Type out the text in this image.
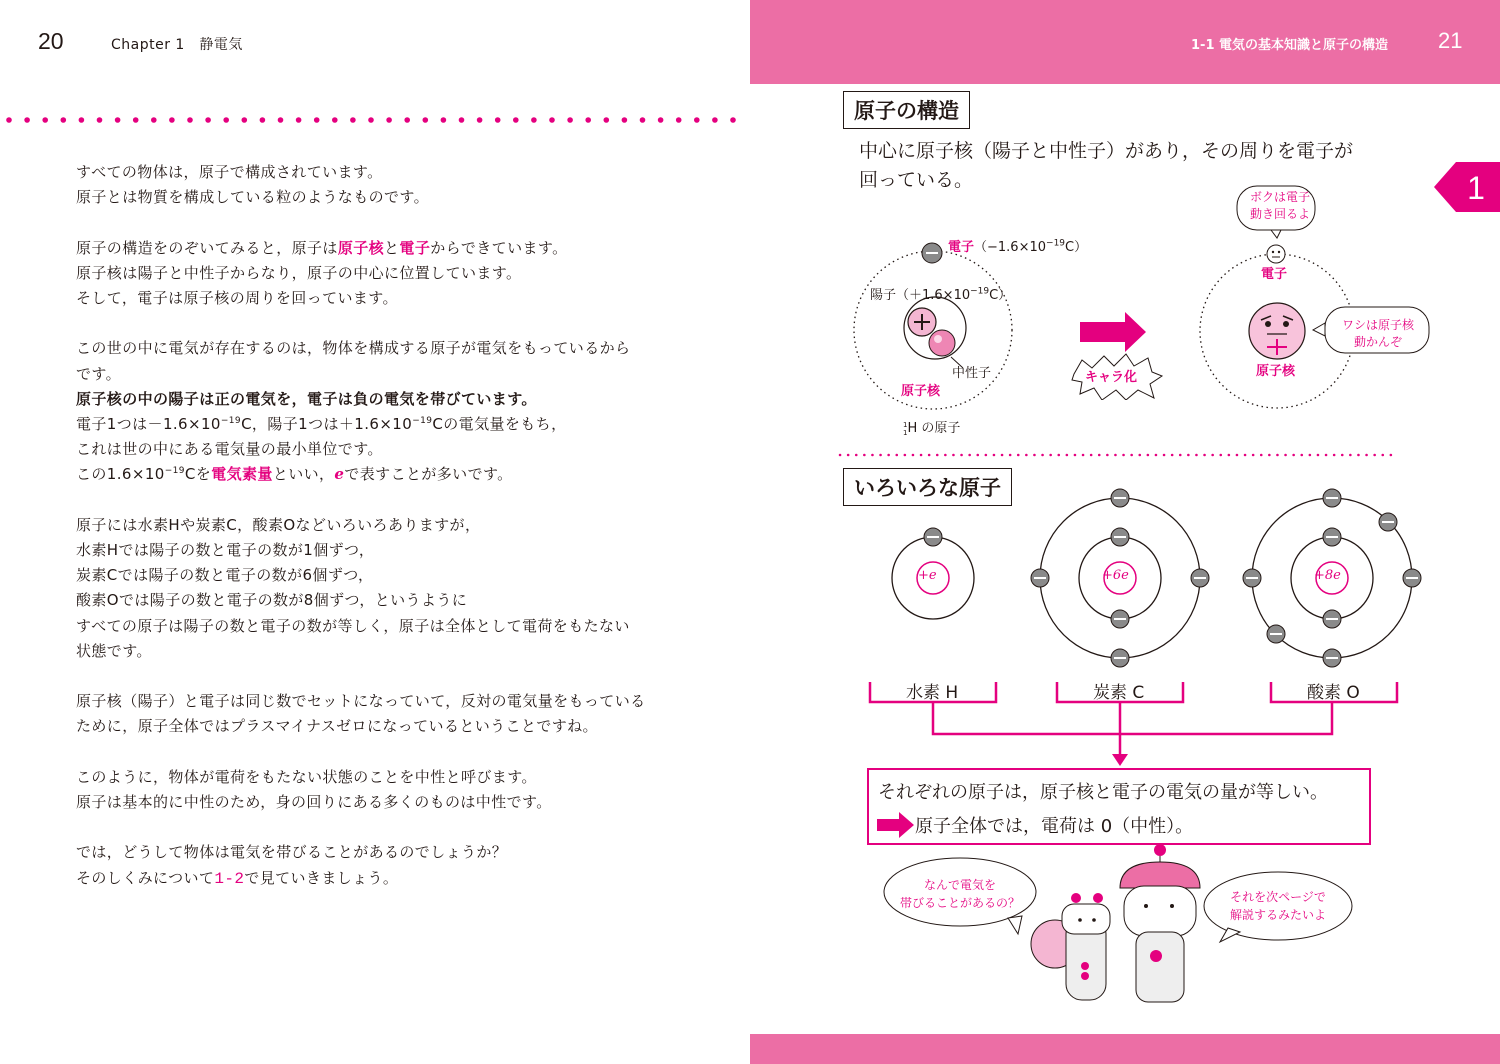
20	Chapter 1　静電気
すべての物体は，原子で構成されています。
原子とは物質を構成している粒のようなものです。
原子の構造をのぞいてみると，原子は原子核と電子からできています。
原子核は陽子と中性子からなり，原子の中心に位置しています。
そして，電子は原子核の周りを回っています。
この世の中に電気が存在するのは，物体を構成する原子が電気をもっているから
です。
原子核の中の陽子は正の電気を，電子は負の電気を帯びています。
電子1つは$-1.6\times 10^{-19}C$，陽子1つは$+1.6\times 10^{-19}C$の電気量をもち，
これは世の中にある電気量の最小単位です。
この$1.6\times 10^{-19}C$を電気素量といい，eで表すことが多いです。
原子には水素Hや炭素C，酸素Oなどいろいろありますが，
水素Hでは陽子の数と電子の数が1個ずつ，
炭素Cでは陽子の数と電子の数が6個ずつ，
酸素Oでは陽子の数と電子の数が8個ずつ，というように
すべての原子は陽子の数と電子の数が等しく，原子は全体として電荷をもたない
状態です。
原子核（陽子）と電子は同じ数でセットになっていて，反対の電気量をもっている
ために，原子全体ではプラスマイナスゼロになっているということですね。
このように，物体が電荷をもたない状態のことを中性と呼びます。
原子は基本的に中性のため，身の回りにある多くのものは中性です。
では，どうして物体は電気を帯びることがあるのでしょうか？
そのしくみについて1-2で見ていきましょう。
1-1 電気の基本知識と原子の構造 21
1
原子の構造
中心に原子核（陽子と中性子）があり，その周りを電子が
回っている。
電子$(-1.6\times 10^{-19}C)$
陽子$(+1.6\times 10^{-19}C)$
中性子
原子核
1
1 H の原子
キャラ化
ボクは電子
動き回るよ
電子
ワシは原子核
動かんぞ
原子核
いろいろな原子
+e	+6e	+8e
水素 H	炭素 C	酸素 O
それぞれの原子は，原子核と電子の電気の量が等しい。
原子全体では，電荷は 0（中性）。
なんで電気を
帯びることがあるの？	それを次ページで
解説するみたいよ
